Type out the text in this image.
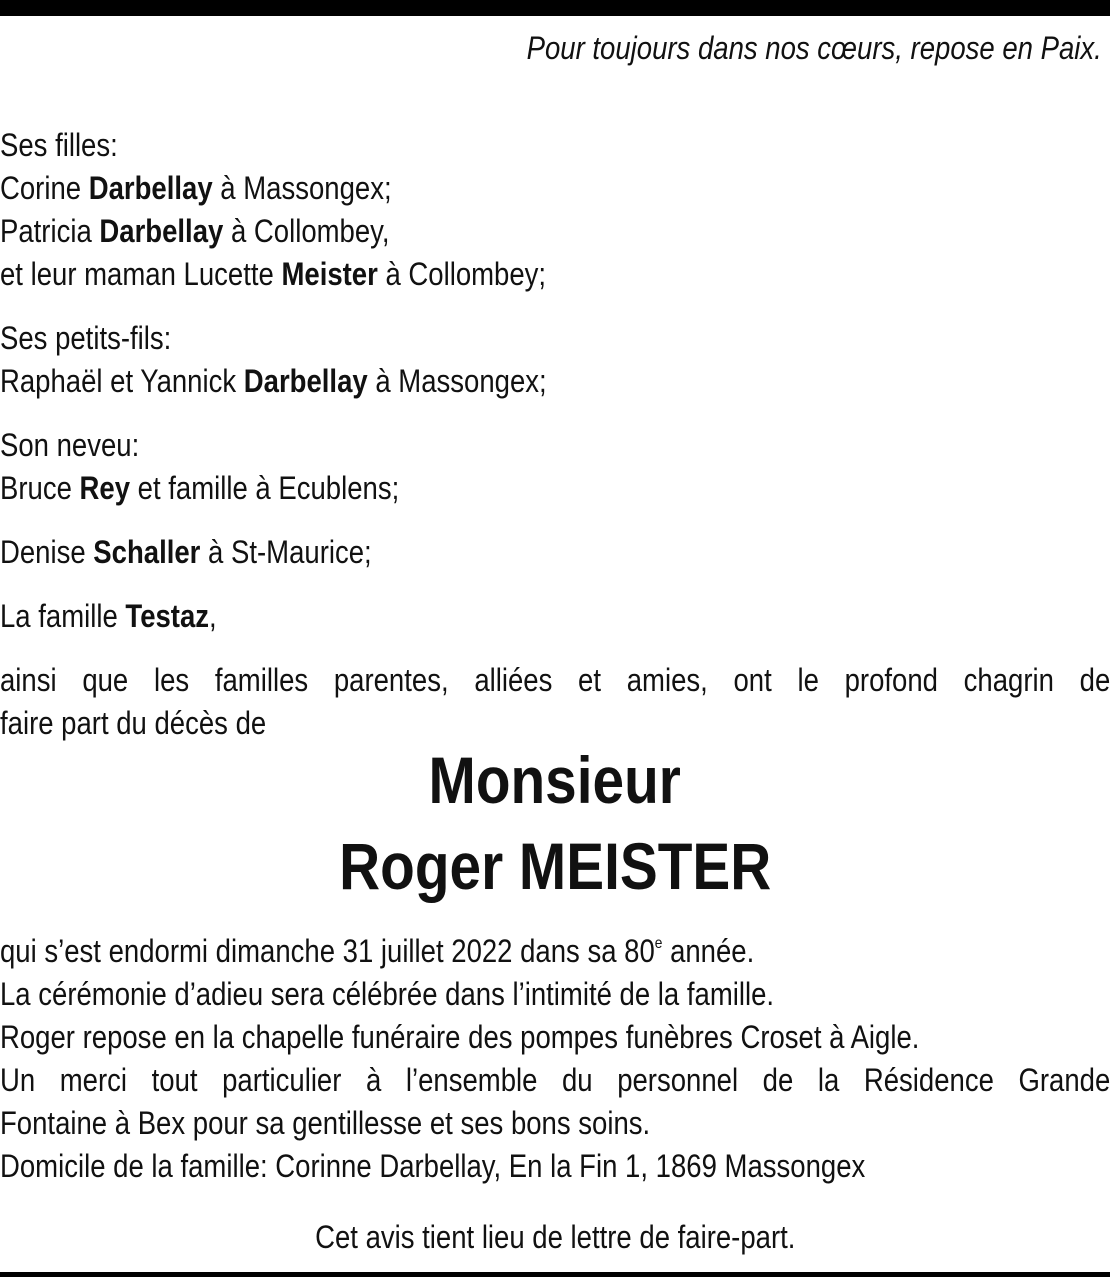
Pour toujours dans nos cœurs, repose en Paix.
Ses filles:
Corine Darbellay à Massongex;
Patricia Darbellay à Collombey,
et leur maman Lucette Meister à Collombey;
Ses petits-fils:
Raphaël et Yannick Darbellay à Massongex;
Son neveu:
Bruce Rey et famille à Ecublens;
Denise Schaller à St-Maurice;
La famille Testaz,
ainsi que les familles parentes, alliées et amies, ont le profond chagrin de
faire part du décès de
Monsieur
Roger MEISTER
qui s’est endormi dimanche 31 juillet 2022 dans sa 80e année.
La cérémonie d’adieu sera célébrée dans l’intimité de la famille.
Roger repose en la chapelle funéraire des pompes funèbres Croset à Aigle.
Un merci tout particulier à l’ensemble du personnel de la Résidence Grande
Fontaine à Bex pour sa gentillesse et ses bons soins.
Domicile de la famille: Corinne Darbellay, En la Fin 1, 1869 Massongex
Cet avis tient lieu de lettre de faire-part.
